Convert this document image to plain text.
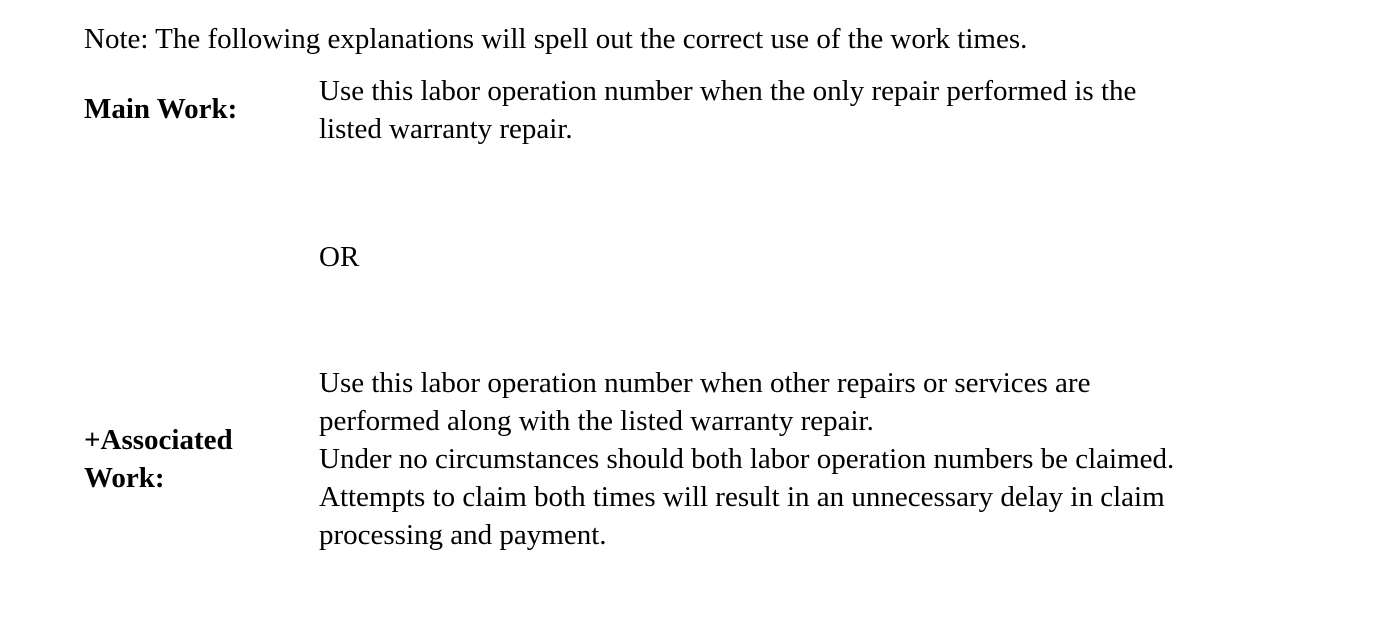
Note: The following explanations will spell out the correct use of the work times.
Main Work:
Use this labor operation number when the only repair performed is the
listed warranty repair.
OR
+Associated
Work:
Use this labor operation number when other repairs or services are
performed along with the listed warranty repair.
Under no circumstances should both labor operation numbers be claimed.
Attempts to claim both times will result in an unnecessary delay in claim
processing and payment.
